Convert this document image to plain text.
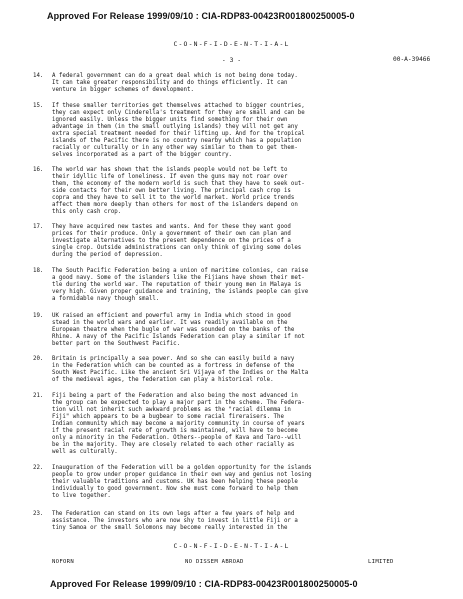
Approved For Release 1999/09/10 : CIA-RDP83-00423R001800250005-0
C-O-N-F-I-D-E-N-T-I-A-L
- 3 -	00-A-39466
14. A federal government can do a great deal which is not being done today.
It can take greater responsibility and do things efficiently. It can
venture in bigger schemes of development.
15. If these smaller territories get themselves attached to bigger countries,
they can expect only Cinderella's treatment for they are small and can be
ignored easily. Unless the bigger units find something for their own
advantage in them (in the small outlying islands) they will not get any
extra special treatment needed for their lifting up. And for the tropical
islands of the Pacific there is no country nearby which has a population
racially or culturally or in any other way similar to them to get them-
selves incorporated as a part of the bigger country.
16. The world war has shown that the islands people would not be left to
their idyllic life of loneliness. If even the guns may not roar over
them, the economy of the modern world is such that they have to seek out-
side contacts for their own better living. The principal cash crop is
copra and they have to sell it to the world market. World price trends
affect them more deeply than others for most of the islanders depend on
this only cash crop.
17. They have acquired new tastes and wants. And for these they want good
prices for their produce. Only a government of their own can plan and
investigate alternatives to the present dependence on the prices of a
single crop. Outside administrations can only think of giving some doles
during the period of depression.
18. The South Pacific Federation being a union of maritime colonies, can raise
a good navy. Some of the islanders like the Fijians have shown their met-
tle during the world war. The reputation of their young men in Malaya is
very high. Given proper guidance and training, the islands people can give
a formidable navy though small.
19. UK raised an efficient and powerful army in India which stood in good
stead in the world wars and earlier. It was readily available on the
European theatre when the bugle of war was sounded on the banks of the
Rhine. A navy of the Pacific Islands Federation can play a similar if not
better part on the Southwest Pacific.
20. Britain is principally a sea power. And so she can easily build a navy
in the Federation which can be counted as a fortress in defense of the
South West Pacific. Like the ancient Sri Vijaya of the Indies or the Malta
of the medieval ages, the federation can play a historical role.
21. Fiji being a part of the Federation and also being the most advanced in
the group can be expected to play a major part in the scheme. The Federa-
tion will not inherit such awkward problems as the "racial dilemma in
Fiji" which appears to be a bugbear to some racial fireraisers. The
Indian community which may become a majority community in course of years
if the present racial rate of growth is maintained, will have to become
only a minority in the Federation. Others--people of Kava and Taro--will
be in the majority. They are closely related to each other racially as
well as culturally.
22. Inauguration of the Federation will be a golden opportunity for the islands
people to grow under proper guidance in their own way and genius not losing
their valuable traditions and customs. UK has been helping these people
individually to good government. Now she must come forward to help them
to live together.
23. The Federation can stand on its own legs after a few years of help and
assistance. The investors who are now shy to invest in little Fiji or a
tiny Samoa or the small Solomons may become really interested in the
C-O-N-F-I-D-E-N-T-I-A-L
NOFORN	NO DISSEM ABROAD	LIMITED
Approved For Release 1999/09/10 : CIA-RDP83-00423R001800250005-0
